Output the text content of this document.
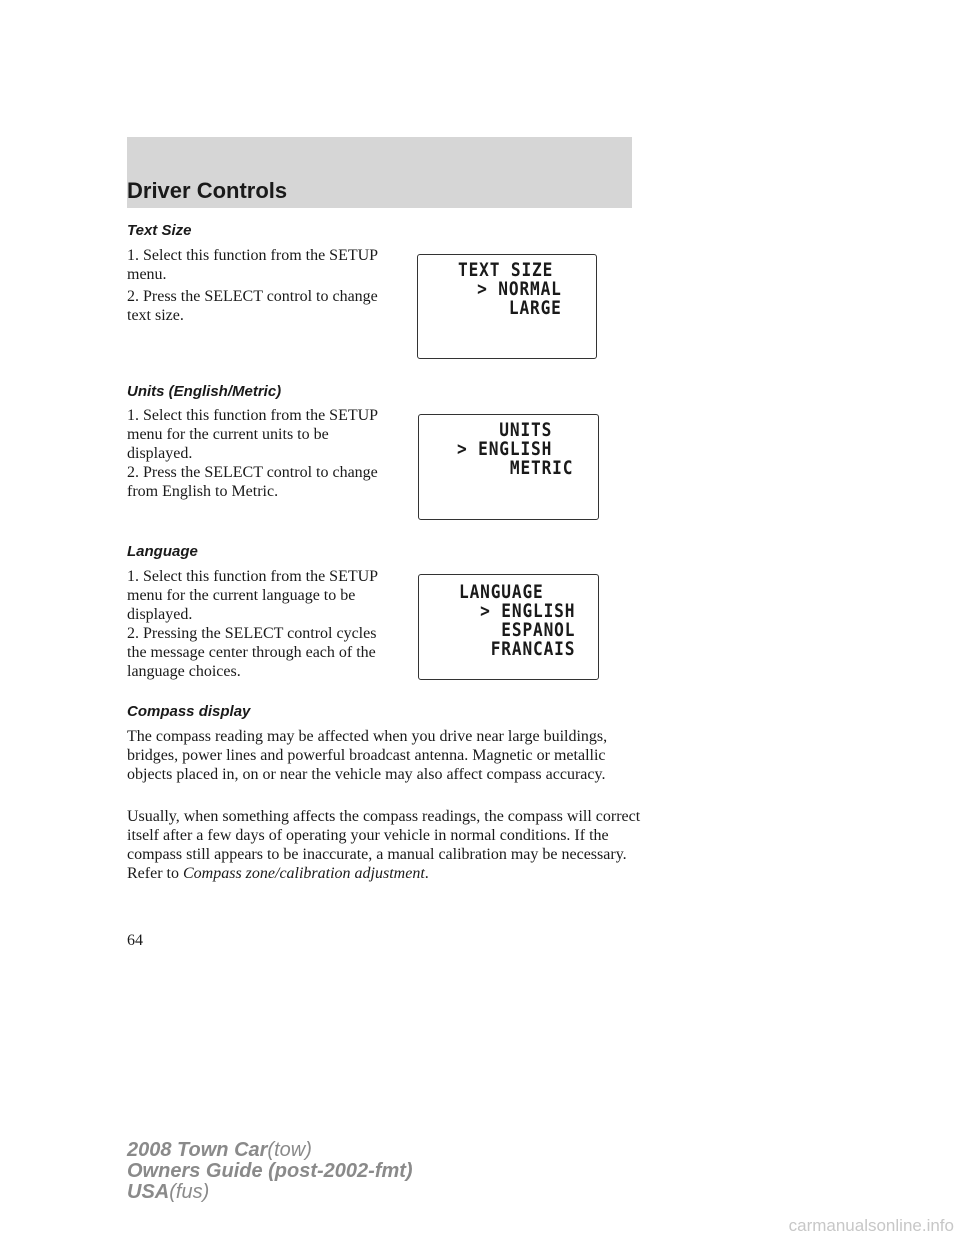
Driver Controls
Text Size
1. Select this function from the SETUP menu.
2. Press the SELECT control to change text size.
TEXT SIZE
> NORMAL
LARGE
Units (English/Metric)
1. Select this function from the SETUP menu for the current units to be displayed.
2. Press the SELECT control to change from English to Metric.
UNITS
> ENGLISH
METRIC
Language
1. Select this function from the SETUP menu for the current language to be displayed.
2. Pressing the SELECT control cycles the message center through each of the language choices.
LANGUAGE
> ENGLISH
ESPANOL
FRANCAIS
Compass display
The compass reading may be affected when you drive near large buildings, bridges, power lines and powerful broadcast antenna. Magnetic or metallic objects placed in, on or near the vehicle may also affect compass accuracy.
Usually, when something affects the compass readings, the compass will correct itself after a few days of operating your vehicle in normal conditions. If the compass still appears to be inaccurate, a manual calibration may be necessary. Refer to Compass zone/calibration adjustment.
64
2008 Town Car(tow)
Owners Guide (post-2002-fmt)
USA(fus)
carmanualsonline.info
